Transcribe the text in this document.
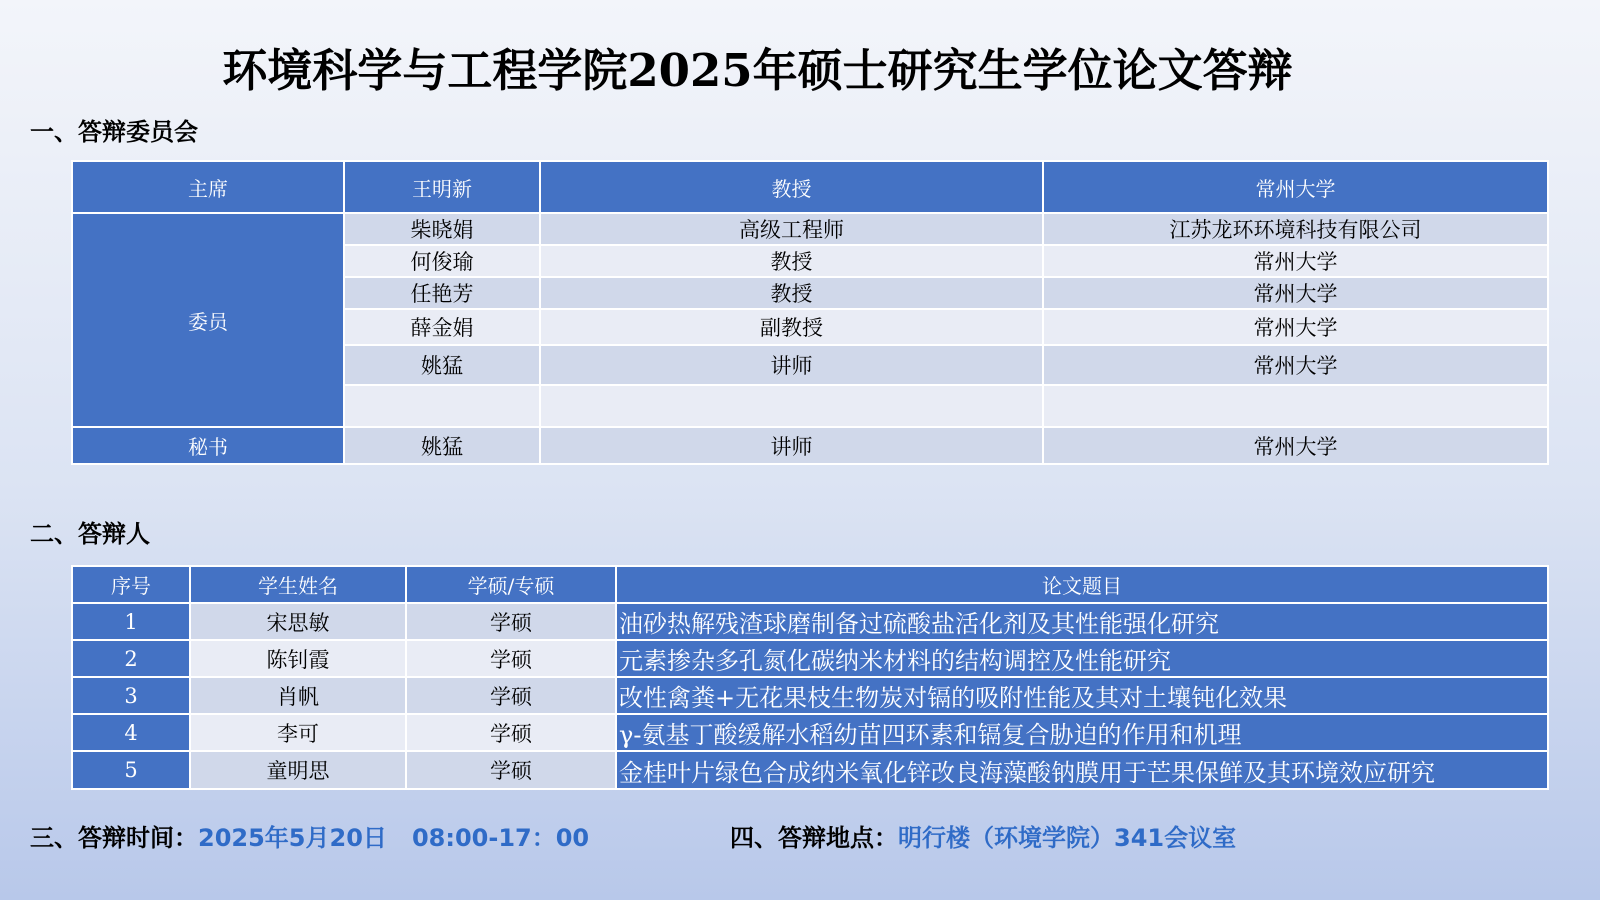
环境科学与工程学院2025年硕士研究生学位论文答辩
一、答辩委员会
主席	王明新	教授	常州大学
委员	柴晓娟	高级工程师	江苏龙环环境科技有限公司
	何俊瑜	教授	常州大学
	任艳芳	教授	常州大学
	薛金娟	副教授	常州大学
	姚猛	讲师	常州大学

秘书	姚猛	讲师	常州大学
二、答辩人
序号	学生姓名	学硕/专硕	论文题目
1	宋思敏	学硕	油砂热解残渣球磨制备过硫酸盐活化剂及其性能强化研究
2	陈钊霞	学硕	元素掺杂多孔氮化碳纳米材料的结构调控及性能研究
3	肖帆	学硕	改性禽粪+无花果枝生物炭对镉的吸附性能及其对土壤钝化效果
4	李可	学硕	γ-氨基丁酸缓解水稻幼苗四环素和镉复合胁迫的作用和机理
5	童明思	学硕	金桂叶片绿色合成纳米氧化锌改良海藻酸钠膜用于芒果保鲜及其环境效应研究
三、答辩时间：2025年5月20日   08:00-17：00	四、答辩地点：明行楼（环境学院）341会议室
